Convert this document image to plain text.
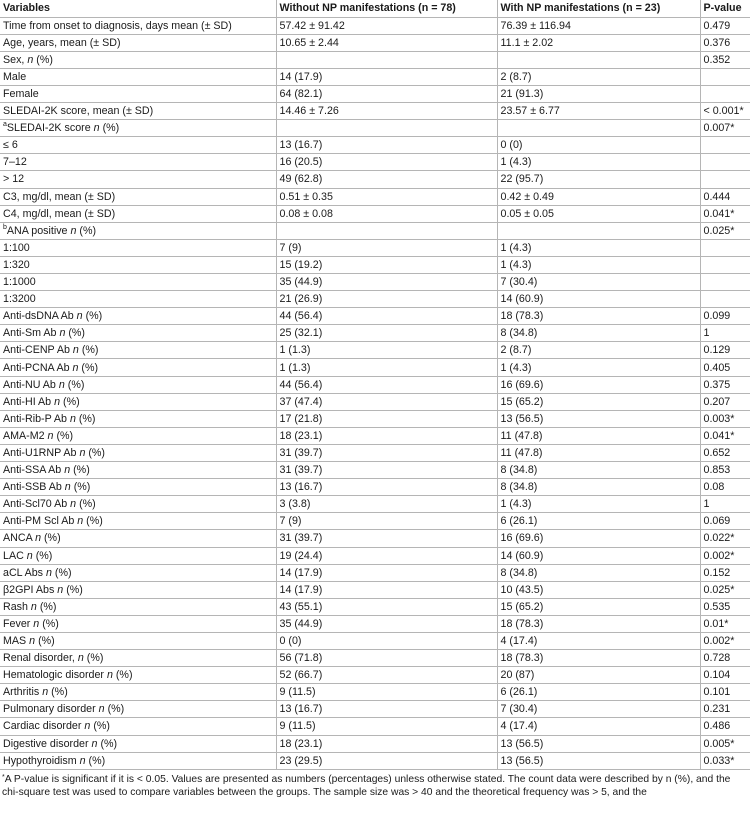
Variables	Without NP manifestations (n = 78)	With NP manifestations (n = 23)	P-value
Time from onset to diagnosis, days mean (± SD)	57.42 ± 91.42	76.39 ± 116.94	0.479
Age, years, mean (± SD)	10.65 ± 2.44	11.1 ± 2.02	0.376
Sex, n (%)			0.352
Male	14 (17.9)	2 (8.7)	
Female	64 (82.1)	21 (91.3)	
SLEDAI-2K score, mean (± SD)	14.46 ± 7.26	23.57 ± 6.77	< 0.001*
$^a$SLEDAI-2K score n (%)			0.007*
≤ 6	13 (16.7)	0 (0)	
7–12	16 (20.5)	1 (4.3)	
> 12	49 (62.8)	22 (95.7)	
C3, mg/dl, mean (± SD)	0.51 ± 0.35	0.42 ± 0.49	0.444
C4, mg/dl, mean (± SD)	0.08 ± 0.08	0.05 ± 0.05	0.041*
$^b$ANA positive n (%)			0.025*
1:100	7 (9)	1 (4.3)	
1:320	15 (19.2)	1 (4.3)	
1:1000	35 (44.9)	7 (30.4)	
1:3200	21 (26.9)	14 (60.9)	
Anti-dsDNA Ab n (%)	44 (56.4)	18 (78.3)	0.099
Anti-Sm Ab n (%)	25 (32.1)	8 (34.8)	1
Anti-CENP Ab n (%)	1 (1.3)	2 (8.7)	0.129
Anti-PCNA Ab n (%)	1 (1.3)	1 (4.3)	0.405
Anti-NU Ab n (%)	44 (56.4)	16 (69.6)	0.375
Anti-HI Ab n (%)	37 (47.4)	15 (65.2)	0.207
Anti-Rib-P Ab n (%)	17 (21.8)	13 (56.5)	0.003*
AMA-M2 n (%)	18 (23.1)	11 (47.8)	0.041*
Anti-U1RNP Ab n (%)	31 (39.7)	11 (47.8)	0.652
Anti-SSA Ab n (%)	31 (39.7)	8 (34.8)	0.853
Anti-SSB Ab n (%)	13 (16.7)	8 (34.8)	0.08
Anti-Scl70 Ab n (%)	3 (3.8)	1 (4.3)	1
Anti-PM Scl Ab n (%)	7 (9)	6 (26.1)	0.069
ANCA n (%)	31 (39.7)	16 (69.6)	0.022*
LAC n (%)	19 (24.4)	14 (60.9)	0.002*
aCL Abs n (%)	14 (17.9)	8 (34.8)	0.152
β2GPI Abs n (%)	14 (17.9)	10 (43.5)	0.025*
Rash n (%)	43 (55.1)	15 (65.2)	0.535
Fever n (%)	35 (44.9)	18 (78.3)	0.01*
MAS n (%)	0 (0)	4 (17.4)	0.002*
Renal disorder, n (%)	56 (71.8)	18 (78.3)	0.728
Hematologic disorder n (%)	52 (66.7)	20 (87)	0.104
Arthritis n (%)	9 (11.5)	6 (26.1)	0.101
Pulmonary disorder n (%)	13 (16.7)	7 (30.4)	0.231
Cardiac disorder n (%)	9 (11.5)	4 (17.4)	0.486
Digestive disorder n (%)	18 (23.1)	13 (56.5)	0.005*
Hypothyroidism n (%)	23 (29.5)	13 (56.5)	0.033*
*A P-value is significant if it is < 0.05. Values are presented as numbers (percentages) unless otherwise stated. The count data were described by n (%), and the chi-square test was used to compare variables between the groups. The sample size was > 40 and the theoretical frequency was > 5, and the
